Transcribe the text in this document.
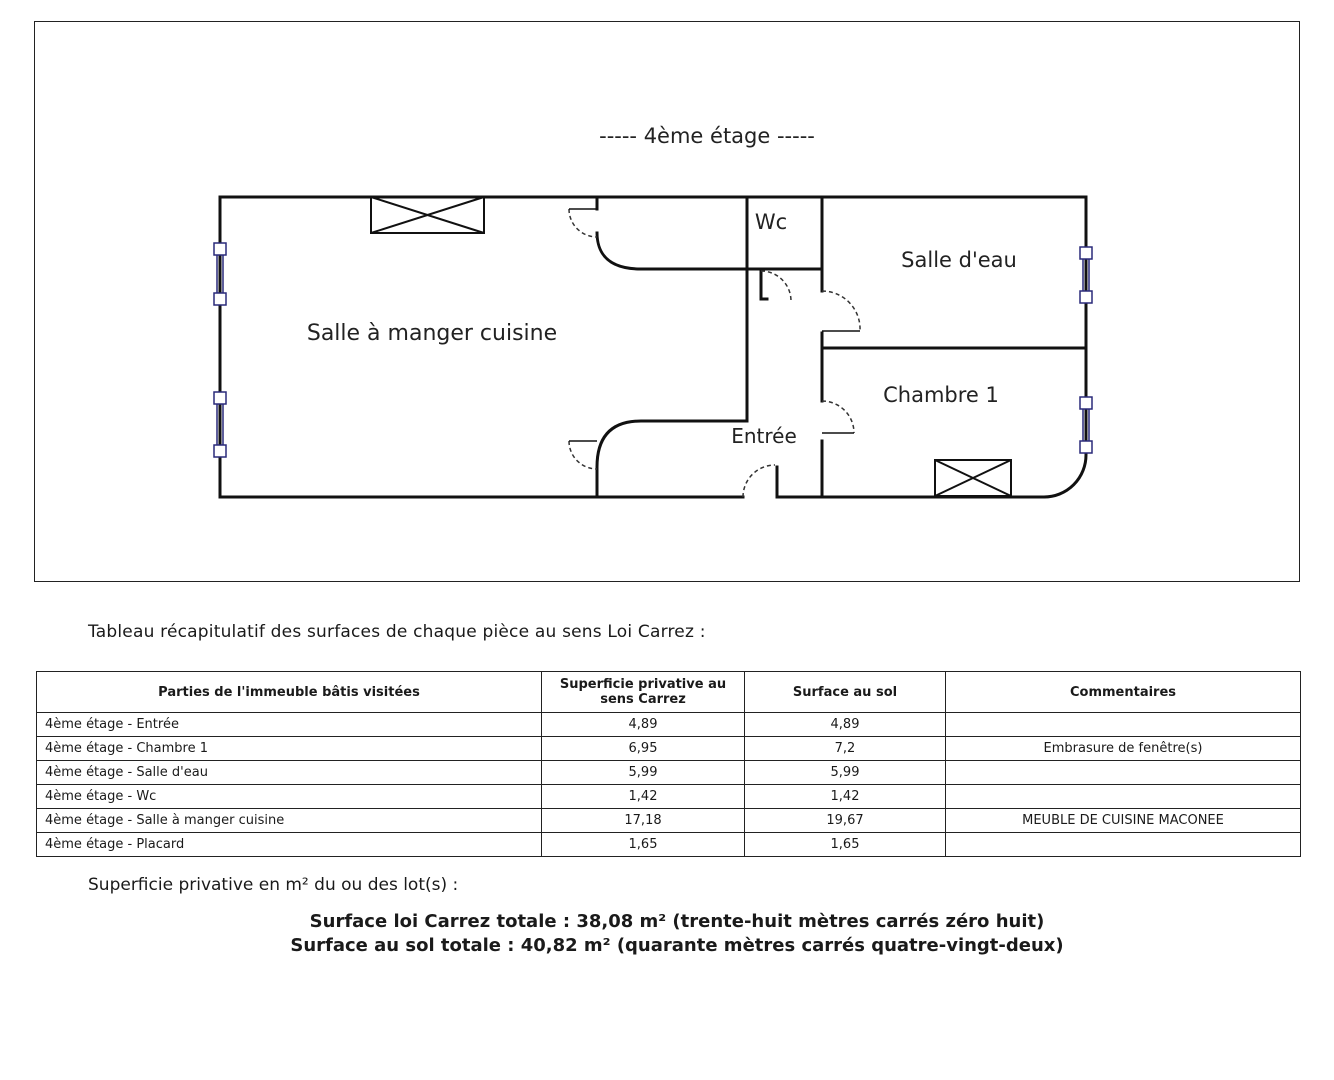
----- 4ème étage -----
Salle à manger cuisine
Wc
Salle d'eau
Chambre 1
Entrée
Tableau récapitulatif des surfaces de chaque pièce au sens Loi Carrez :
Parties de l'immeuble bâtis visitées	Superficie privative au
sens Carrez	Surface au sol	Commentaires
4ème étage - Entrée	4,89	4,89	
4ème étage - Chambre 1	6,95	7,2	Embrasure de fenêtre(s)
4ème étage - Salle d'eau	5,99	5,99	
4ème étage - Wc	1,42	1,42	
4ème étage - Salle à manger cuisine	17,18	19,67	MEUBLE DE CUISINE MACONEE
4ème étage - Placard	1,65	1,65	
Superficie privative en m² du ou des lot(s) :
Surface loi Carrez totale : 38,08 m² (trente-huit mètres carrés zéro huit)
Surface au sol totale : 40,82 m² (quarante mètres carrés quatre-vingt-deux)
